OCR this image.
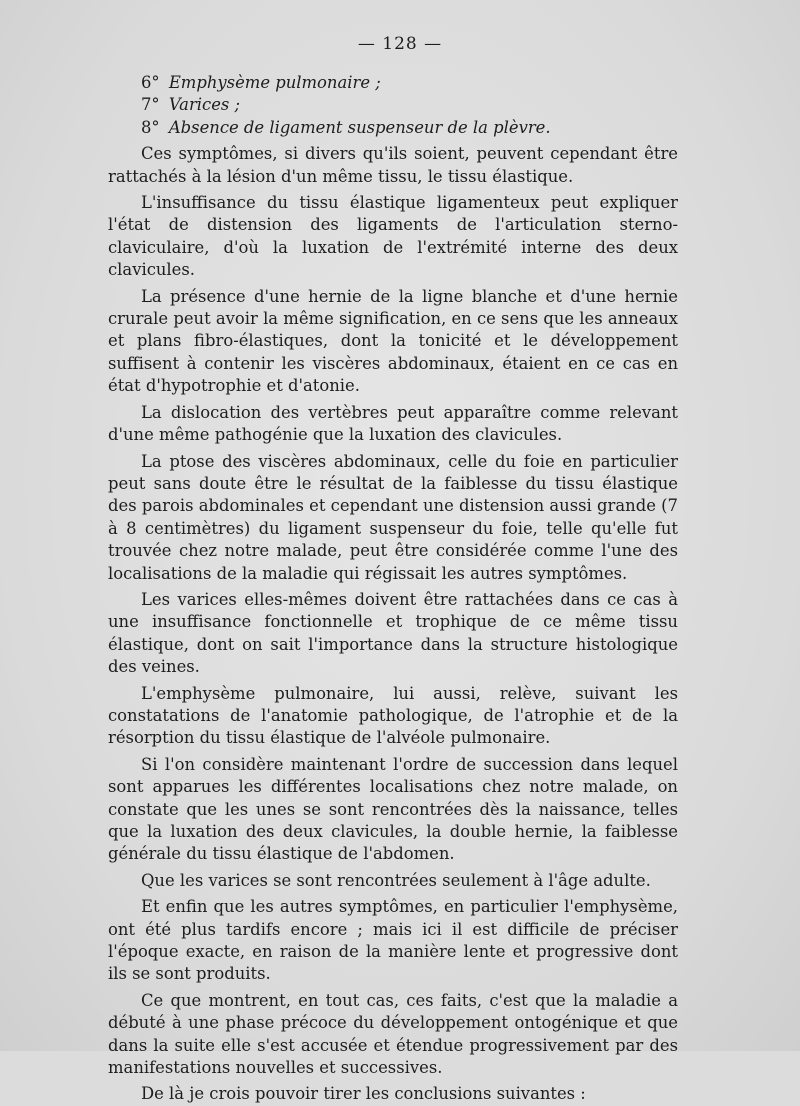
— 128 —
6° Emphysème pulmonaire ;
7° Varices ;
8° Absence de ligament suspenseur de la plèvre.

Ces symptômes, si divers qu'ils soient, peuvent cependant être rattachés à la lésion d'un même tissu, le tissu élastique.

L'insuffisance du tissu élastique ligamenteux peut expliquer l'état de distension des ligaments de l'articulation sterno-claviculaire, d'où la luxation de l'extrémité interne des deux clavicules.

La présence d'une hernie de la ligne blanche et d'une hernie crurale peut avoir la même signification, en ce sens que les anneaux et plans fibro-élastiques, dont la tonicité et le développement suffisent à contenir les viscères abdominaux, étaient en ce cas en état d'hypotrophie et d'atonie.

La dislocation des vertèbres peut apparaître comme relevant d'une même pathogénie que la luxation des clavicules.

La ptose des viscères abdominaux, celle du foie en particulier peut sans doute être le résultat de la faiblesse du tissu élastique des parois abdominales et cependant une distension aussi grande (7 à 8 centimètres) du ligament suspenseur du foie, telle qu'elle fut trouvée chez notre malade, peut être considérée comme l'une des localisations de la maladie qui régissait les autres symptômes.

Les varices elles-mêmes doivent être rattachées dans ce cas à une insuffisance fonctionnelle et trophique de ce même tissu élastique, dont on sait l'importance dans la structure histologique des veines.

L'emphysème pulmonaire, lui aussi, relève, suivant les constatations de l'anatomie pathologique, de l'atrophie et de la résorption du tissu élastique de l'alvéole pulmonaire.

Si l'on considère maintenant l'ordre de succession dans lequel sont apparues les différentes localisations chez notre malade, on constate que les unes se sont rencontrées dès la naissance, telles que la luxation des deux clavicules, la double hernie, la faiblesse générale du tissu élastique de l'abdomen.

Que les varices se sont rencontrées seulement à l'âge adulte.

Et enfin que les autres symptômes, en particulier l'emphysème, ont été plus tardifs encore ; mais ici il est difficile de préciser l'époque exacte, en raison de la manière lente et progressive dont ils se sont produits.

Ce que montrent, en tout cas, ces faits, c'est que la maladie a débuté à une phase précoce du développement ontogénique et que dans la suite elle s'est accusée et étendue progressivement par des manifestations nouvelles et successives.

De là je crois pouvoir tirer les conclusions suivantes :
